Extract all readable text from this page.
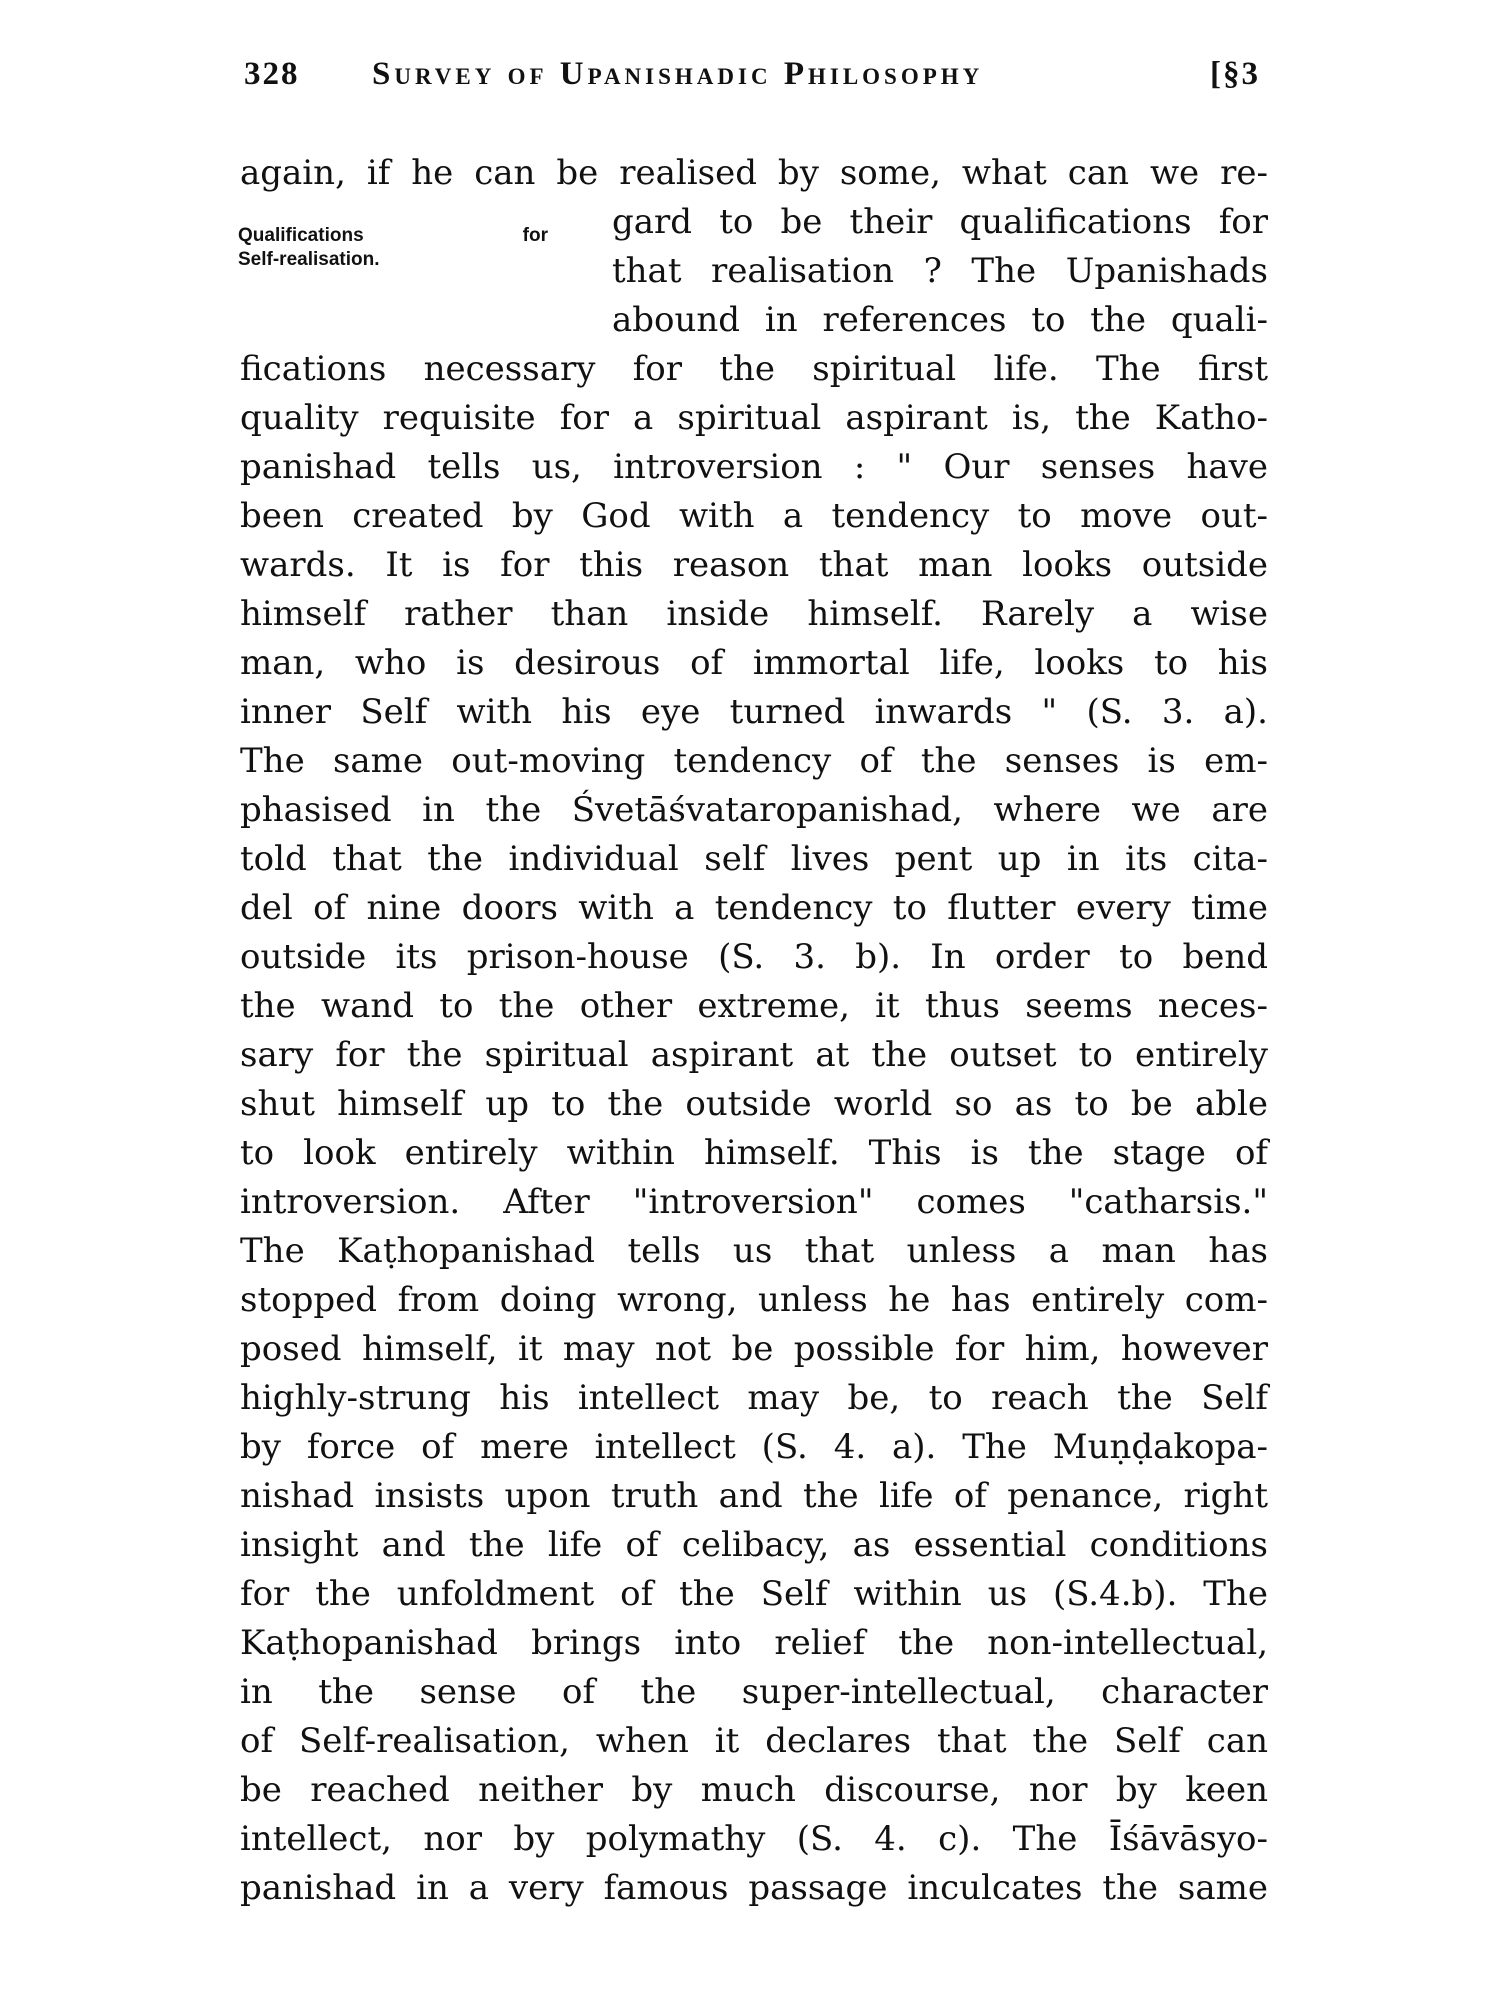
328 Survey of Upanishadic Philosophy	[§3
Qualifications for
Self-realisation.

again, if he can be realised by some, what can we re-

gard to be their qualifications for

that realisation ? The Upanishads

abound in references to the quali-

fications necessary for the spiritual life. The first

quality requisite for a spiritual aspirant is, the Katho-

panishad tells us, introversion : " Our senses have

been created by God with a tendency to move out-

wards. It is for this reason that man looks outside

himself rather than inside himself. Rarely a wise

man, who is desirous of immortal life, looks to his

inner Self with his eye turned inwards " (S. 3. a).

The same out-moving tendency of the senses is em-

phasised in the Śvetāśvataropanishad, where we are

told that the individual self lives pent up in its cita-

del of nine doors with a tendency to flutter every time

outside its prison-house (S. 3. b). In order to bend

the wand to the other extreme, it thus seems neces-

sary for the spiritual aspirant at the outset to entirely

shut himself up to the outside world so as to be able

to look entirely within himself. This is the stage of

introversion. After "introversion" comes "catharsis."

The Kaṭhopanishad tells us that unless a man has

stopped from doing wrong, unless he has entirely com-

posed himself, it may not be possible for him, however

highly-strung his intellect may be, to reach the Self

by force of mere intellect (S. 4. a). The Muṇḍakopa-

nishad insists upon truth and the life of penance, right

insight and the life of celibacy, as essential conditions

for the unfoldment of the Self within us (S.4.b). The

Kaṭhopanishad brings into relief the non-intellectual,

in the sense of the super-intellectual, character

of Self-realisation, when it declares that the Self can

be reached neither by much discourse, nor by keen

intellect, nor by polymathy (S. 4. c). The Īśāvāsyo-

panishad in a very famous passage inculcates the same
